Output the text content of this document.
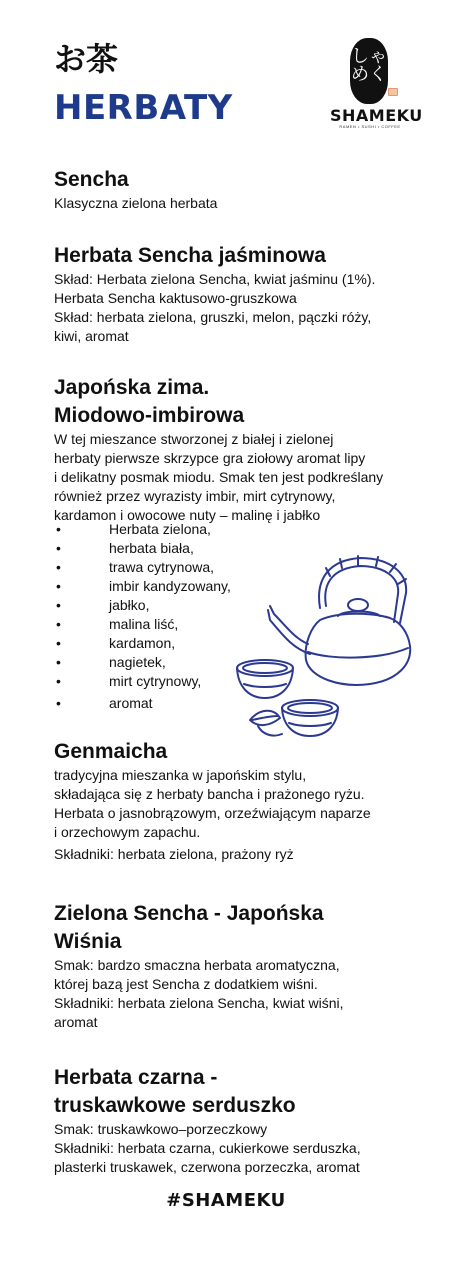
お茶
HERBATY
しゃめく
SHAMEKU
RAMEN • SUSHI • COFFEE

Sencha

Klasyczna zielona herbata

Herbata Sencha jaśminowa

Skład: Herbata zielona Sencha, kwiat jaśminu (1%).

Herbata Sencha kaktusowo-gruszkowa

Skład: herbata zielona, gruszki, melon, pączki róży,

kiwi, aromat

Japońska zima.

Miodowo-imbirowa

W tej mieszance stworzonej z białej i zielonej

herbaty pierwsze skrzypce gra ziołowy aromat lipy

i delikatny posmak miodu. Smak ten jest podkreślany

również przez wyrazisty imbir, mirt cytrynowy,

kardamon i owocowe nuty – malinę i jabłko

•	Herbata zielona,
•	herbata biała,
•	trawa cytrynowa,
•	imbir kandyzowany,
•	jabłko,
•	malina liść,
•	kardamon,
•	nagietek,
•	mirt cytrynowy,
•	aromat

Genmaicha

tradycyjna mieszanka w japońskim stylu,

składająca się z herbaty bancha i prażonego ryżu.

Herbata o jasnobrązowym, orzeźwiającym naparze

i orzechowym zapachu.

Składniki: herbata zielona, prażony ryż

Zielona Sencha - Japońska

Wiśnia

Smak: bardzo smaczna herbata aromatyczna,

której bazą jest Sencha z dodatkiem wiśni.

Składniki: herbata zielona Sencha, kwiat wiśni,

aromat

Herbata czarna -

truskawkowe serduszko

Smak: truskawkowo–porzeczkowy

Składniki: herbata czarna, cukierkowe serduszka,

plasterki truskawek, czerwona porzeczka, aromat

#SHAMEKU
